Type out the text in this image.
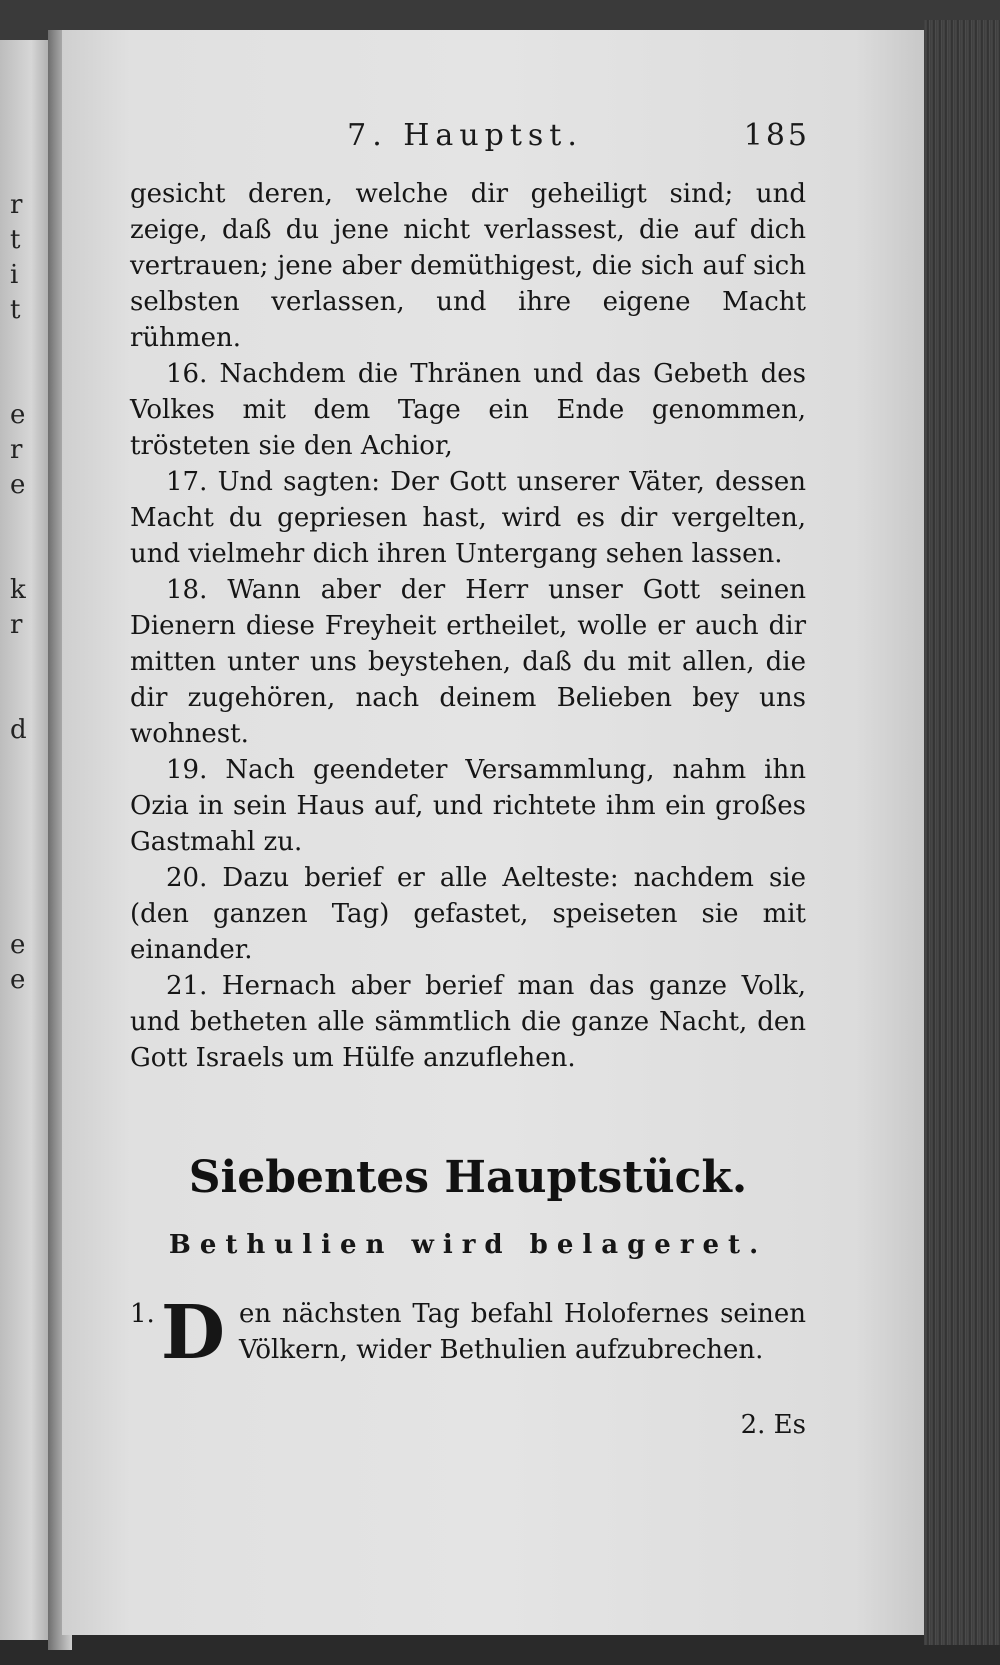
r
t
i
t
e
r
e
k
r
d
e
e
7. Hauptst.	185

gesicht deren, welche dir geheiligt sind; und zeige, daß du jene nicht verlassest, die auf dich vertrauen; jene aber demüthigest, die sich auf sich selbsten verlassen, und ihre eigene Macht rühmen.

16. Nachdem die Thränen und das Gebeth des Volkes mit dem Tage ein Ende genommen, trösteten sie den Achior,

17. Und sagten: Der Gott unserer Väter, dessen Macht du gepriesen hast, wird es dir vergelten, und vielmehr dich ihren Untergang sehen lassen.

18. Wann aber der Herr unser Gott seinen Dienern diese Freyheit ertheilet, wolle er auch dir mitten unter uns beystehen, daß du mit allen, die dir zugehören, nach deinem Belieben bey uns wohnest.

19. Nach geendeter Versammlung, nahm ihn Ozia in sein Haus auf, und richtete ihm ein großes Gastmahl zu.

20. Dazu berief er alle Aelteste: nachdem sie (den ganzen Tag) gefastet, speiseten sie mit einander.

21. Hernach aber berief man das ganze Volk, und betheten alle sämmtlich die ganze Nacht, den Gott Israels um Hülfe anzuflehen.

Siebentes Hauptstück.
Bethulien wird belageret.
1. D en nächsten Tag befahl Holofernes seinen Völkern, wider Bethulien aufzubrechen.
2. Es
